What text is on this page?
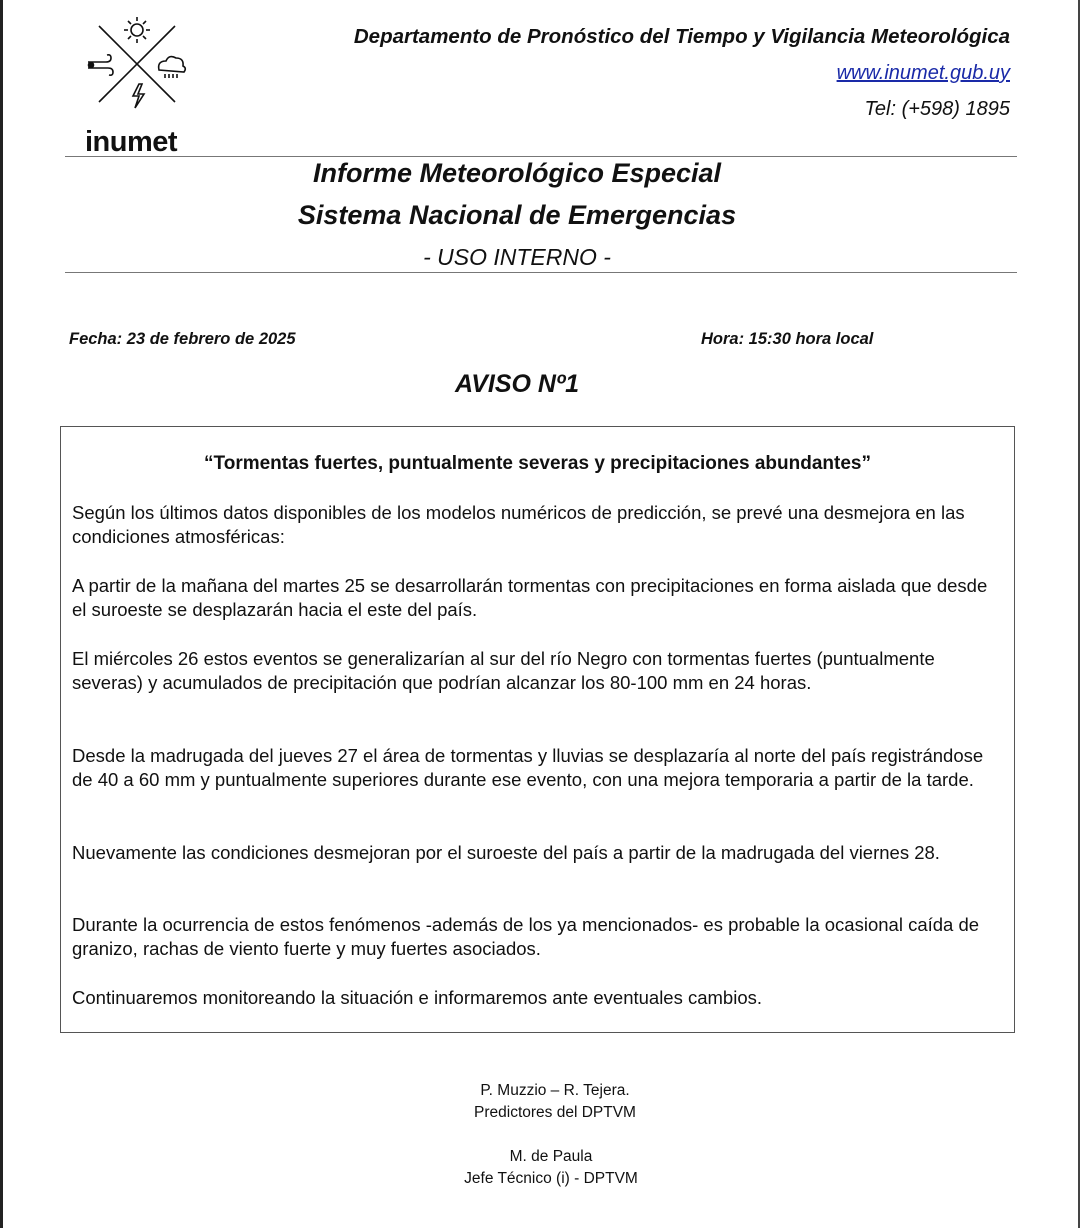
inumet
Departamento de Pronóstico del Tiempo y Vigilancia Meteorológica
www.inumet.gub.uy
Tel: (+598) 1895
Informe Meteorológico Especial
Sistema Nacional de Emergencias
- USO INTERNO -
Fecha: 23 de febrero de 2025	Hora: 15:30 hora local
AVISO Nº1
“Tormentas fuertes, puntualmente severas y precipitaciones abundantes”
Según los últimos datos disponibles de los modelos numéricos de predicción, se prevé una desmejora en las condiciones atmosféricas:
A partir de la mañana del martes 25 se desarrollarán tormentas con precipitaciones en forma aislada que desde el suroeste se desplazarán hacia el este del país.
El miércoles 26 estos eventos se generalizarían al sur del río Negro con tormentas fuertes (puntualmente severas) y acumulados de precipitación que podrían alcanzar los 80-100 mm en 24 horas.
Desde la madrugada del jueves 27 el área de tormentas y lluvias se desplazaría al norte del país registrándose de 40 a 60 mm y puntualmente superiores durante ese evento, con una mejora temporaria a partir de la tarde.
Nuevamente las condiciones desmejoran por el suroeste del país a partir de la madrugada del viernes 28.
Durante la ocurrencia de estos fenómenos -además de los ya mencionados- es probable la ocasional caída de granizo, rachas de viento fuerte y muy fuertes asociados.
Continuaremos monitoreando la situación e informaremos ante eventuales cambios.
P. Muzzio – R. Tejera.
Predictores del DPTVM
M. de Paula
Jefe Técnico (i) - DPTVM
